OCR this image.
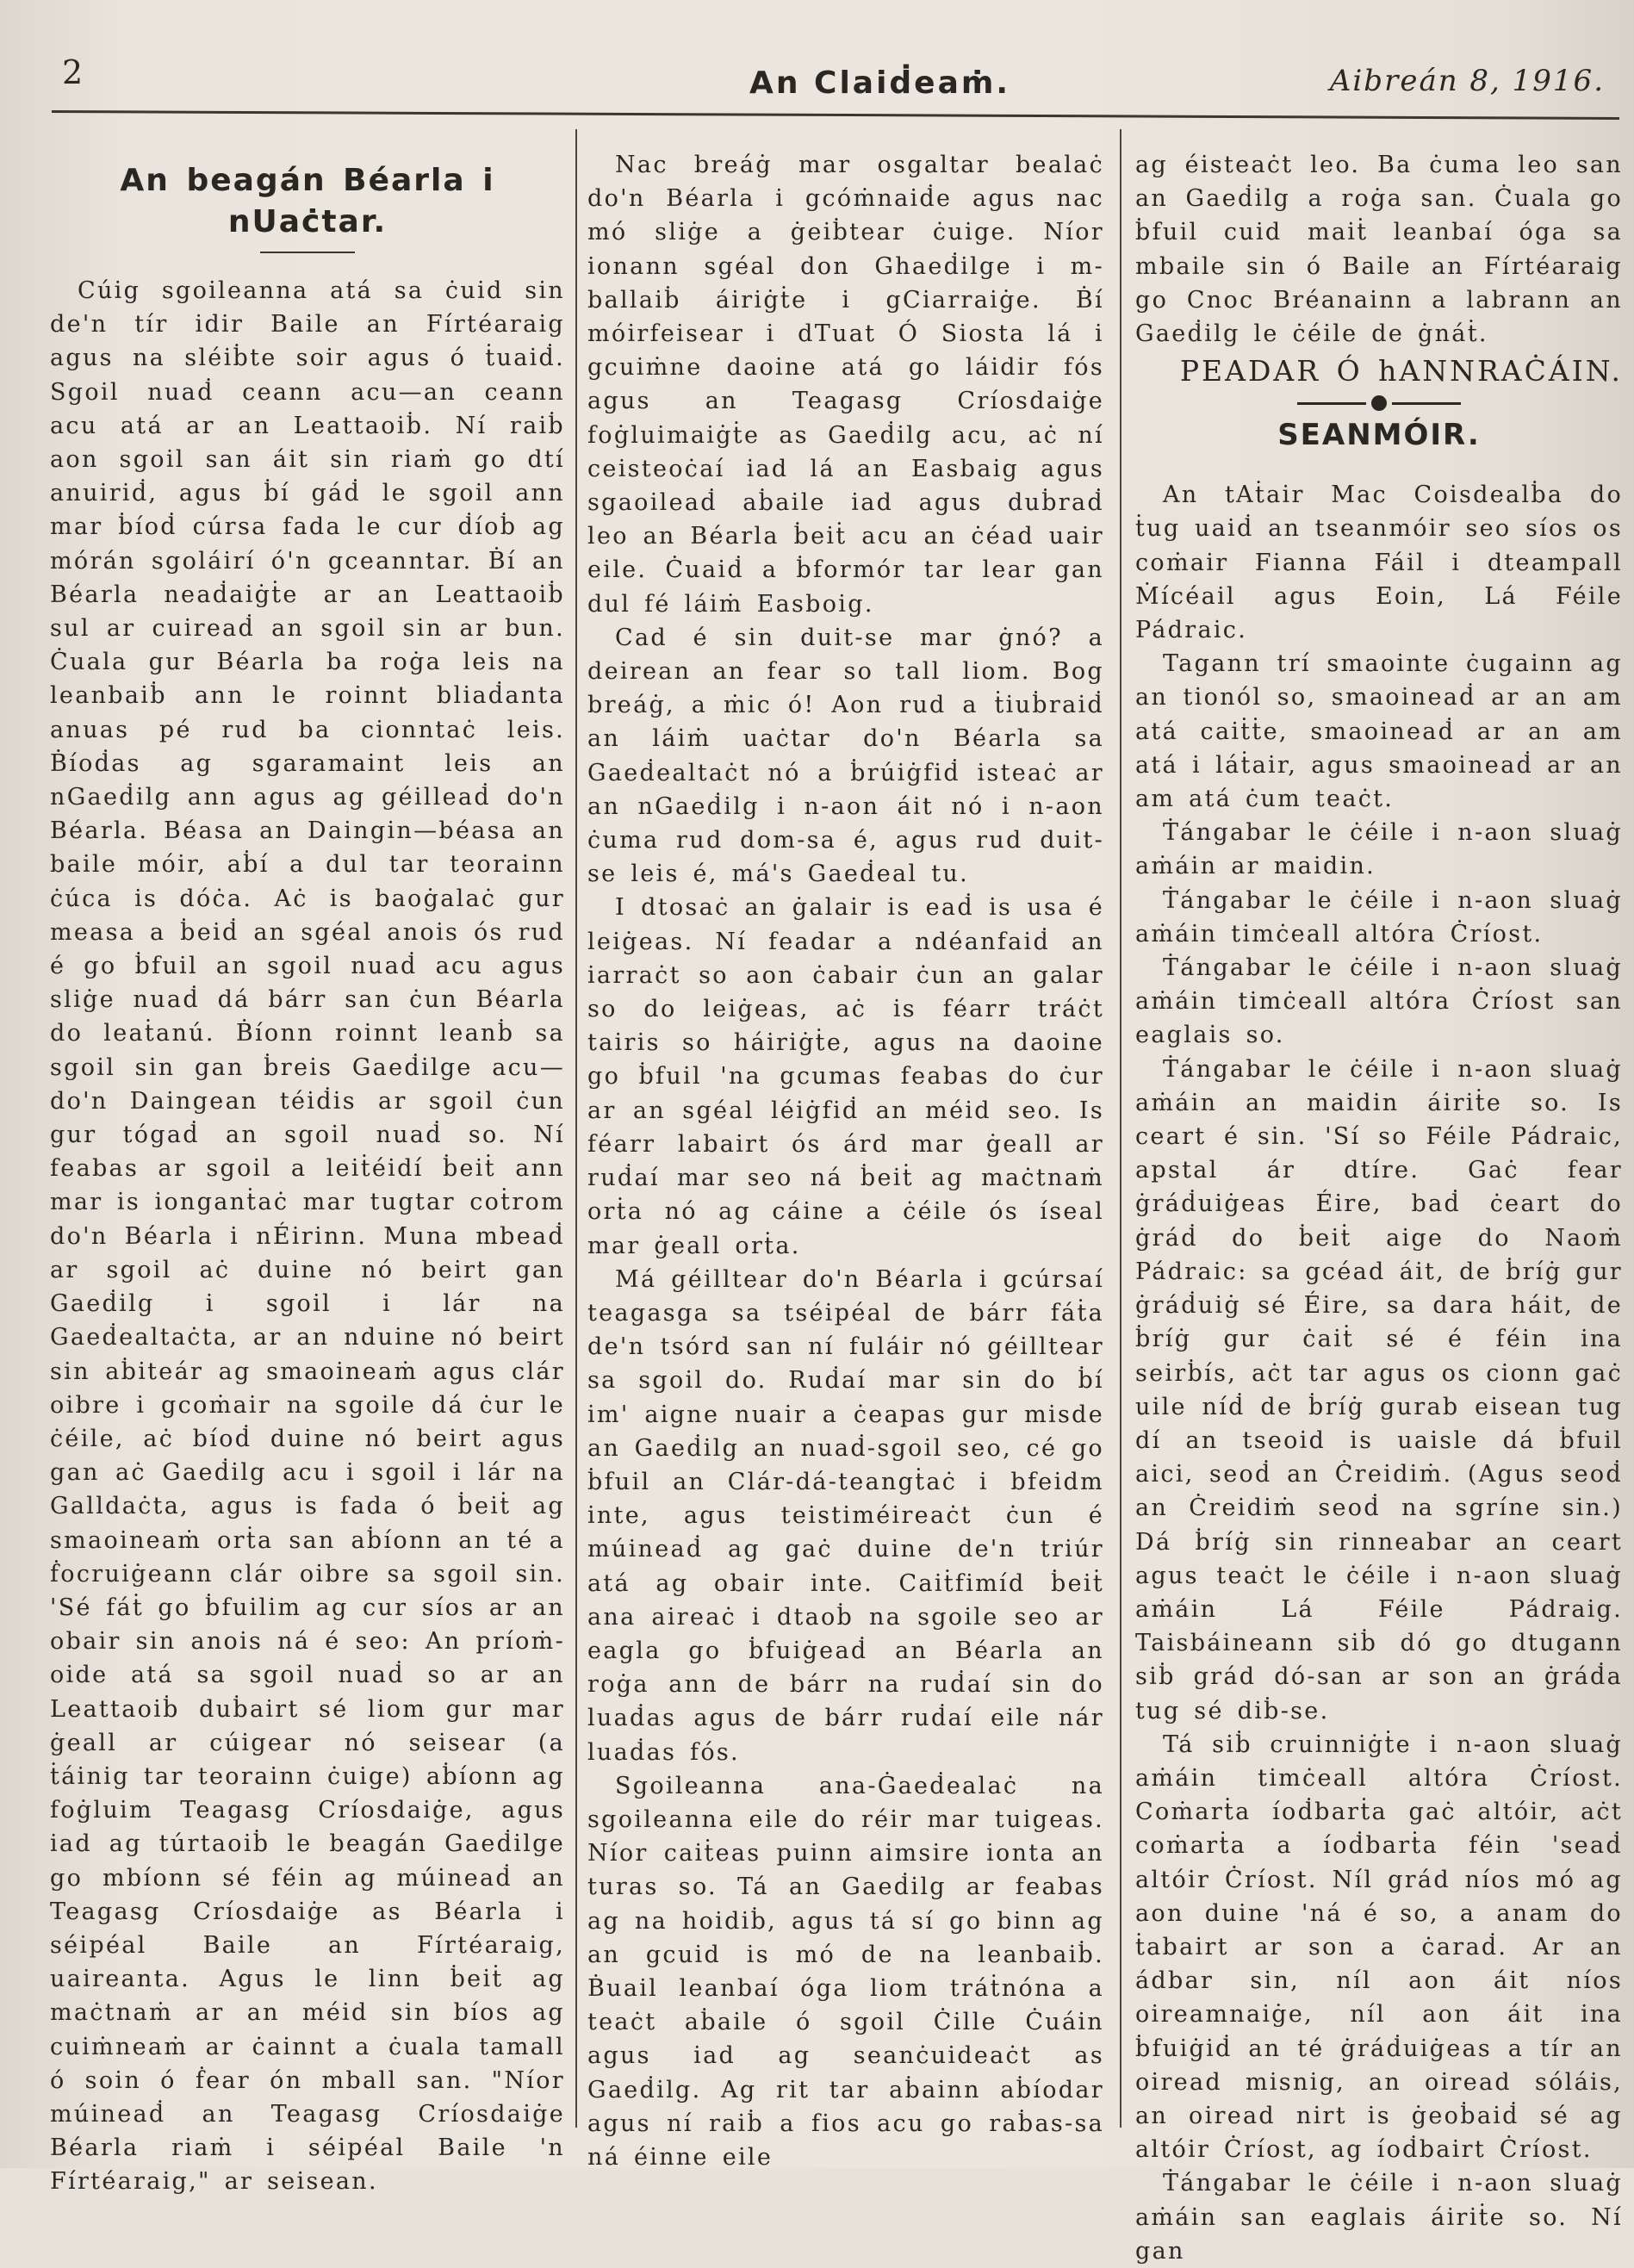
2	An Claiḋeaṁ.	Aibreán 8, 1916.
An beagán Béarla i nUaċtar.

Cúig sgoileanna atá sa ċuid sin de'n tír idir Baile an Fírtéaraig agus na sléiḃte soir agus ó ṫuaiḋ. Sgoil nuaḋ ceann acu—an ceann acu atá ar an Leattaoiḃ. Ní raiḃ aon sgoil san áit sin riaṁ go dtí anuiriḋ, agus ḃí gáḋ le sgoil ann mar ḃíoḋ cúrsa fada le cur ḋíoḃ ag mórán sgoláirí ó'n gceanntar. Ḃí an Béarla neaḋaiġṫe ar an Leattaoiḃ sul ar cuireaḋ an sgoil sin ar bun. Ċuala gur Béarla ba roġa leis na leanbaiḃ ann le roinnt bliaḋanta anuas pé rud ba cionntaċ leis. Ḃíoḋas ag sgaramaint leis an nGaeḋilg ann agus ag géilleaḋ do'n Béarla. Béasa an Daingin—béasa an baile móir, aḃí a dul tar teorainn ċúca is dóċa. Aċ is baoġalaċ gur measa a ḃeiḋ an sgéal anois ós rud é go ḃfuil an sgoil nuaḋ acu agus sliġe nuaḋ dá bárr san ċun Béarla do leaṫanú. Ḃíonn roinnt leanḃ sa sgoil sin gan ḃreis Gaeḋilge acu—do'n Daingean téiḋis ar sgoil ċun gur tógaḋ an sgoil nuaḋ so. Ní feabas ar sgoil a leiṫéidí ḃeiṫ ann mar is ionganṫaċ mar tugtar coṫrom do'n Béarla i nÉirinn. Muna mbeaḋ ar sgoil aċ duine nó beirt gan Gaeḋilg i sgoil i lár na Gaeḋealtaċta, ar an nduine nó beirt sin aḃiteár ag smaoineaṁ agus clár oibre i gcoṁair na sgoile dá ċur le ċéile, aċ bíoḋ duine nó beirt agus gan aċ Gaeḋilg acu i sgoil i lár na Galldaċta, agus is fada ó ḃeiṫ ag smaoineaṁ orṫa san aḃíonn an té a ḟocruiġeann clár oibre sa sgoil sin. 'Sé fáṫ go ḃfuilim ag cur síos ar an obair sin anois ná é seo: An príoṁ-oide atá sa sgoil nuaḋ so ar an Leattaoiḃ duḃairt sé liom gur mar ġeall ar cúigear nó seisear (a ṫáinig tar teorainn ċuige) aḃíonn ag foġluim Teagasg Críosdaiġe, agus iad ag túrtaoiḃ le beagán Gaeḋilge go mbíonn sé féin ag múineaḋ an Teagasg Críosdaiġe as Béarla i séipéal Baile an Fírtéaraig, uaireanta. Agus le linn ḃeiṫ ag maċtnaṁ ar an méid sin bíos ag cuiṁneaṁ ar ċainnt a ċuala tamall ó soin ó ḟear ón mball san. "Níor múineaḋ an Teagasg Críosdaiġe Béarla riaṁ i séipéal Baile 'n Fírtéaraig," ar seisean.

Nac breáġ mar osgaltar bealaċ do'n Béarla i gcóṁnaiḋe agus nac mó sliġe a ġeiḃtear ċuige. Níor ionann sgéal don Ghaeḋilge i m-ballaiḃ áiriġṫe i gCiarraiġe. Ḃí móirfeisear i dTuat Ó Siosta lá i gcuiṁne daoine atá go láidir fós agus an Teagasg Críosdaiġe foġluimaiġṫe as Gaeḋilg acu, aċ ní ceisteoċaí iad lá an Easbaig agus sgaoileaḋ aḃaile iad agus duḃraḋ leo an Béarla ḃeiṫ acu an ċéad uair eile. Ċuaiḋ a ḃformór tar lear gan dul fé láiṁ Easboig.

Cad é sin duit-se mar ġnó? a deirean an fear so tall liom. Bog breáġ, a ṁic ó! Aon rud a ṫiuḃraiḋ an láiṁ uaċtar do'n Béarla sa Gaeḋealtaċt nó a ḃrúiġfiḋ isteaċ ar an nGaeḋilg i n-aon áit nó i n-aon ċuma rud dom-sa é, agus rud duit-se leis é, má's Gaeḋeal tu.

I dtosaċ an ġalair is eaḋ is usa é leiġeas. Ní feadar a ndéanfaiḋ an iarraċt so aon ċabair ċun an galar so do leiġeas, aċ is féarr tráċt tairis so háiriġṫe, agus na daoine go ḃfuil 'na gcumas feabas do ċur ar an sgéal léiġfiḋ an méid seo. Is féarr labairt ós árd mar ġeall ar ruḋaí mar seo ná ḃeiṫ ag maċtnaṁ orṫa nó ag cáine a ċéile ós íseal mar ġeall orṫa.

Má géilltear do'n Béarla i gcúrsaí teagasga sa tséipéal de bárr fáṫa de'n tsórd san ní fuláir nó géilltear sa sgoil do. Ruḋaí mar sin do ḃí im' aigne nuair a ċeapas gur misde an Gaeḋilg an nuaḋ-sgoil seo, cé go ḃfuil an Clár-dá-teangṫaċ i bfeidm inte, agus teistiméireaċt ċun é múineaḋ ag gaċ duine de'n triúr atá ag obair inte. Caiṫfimíd ḃeiṫ ana aireaċ i dtaoḃ na sgoile seo ar eagla go ḃfuiġeaḋ an Béarla an roġa ann de bárr na ruḋaí sin do luaḋas agus de bárr ruḋaí eile nár luaḋas fós.

Sgoileanna ana-Ġaeḋealaċ na sgoileanna eile do réir mar tuigeas. Níor caiṫeas puinn aimsire ionta an turas so. Tá an Gaeḋilg ar feabas ag na hoidiḃ, agus tá sí go binn ag an gcuid is mó de na leanbaiḃ. Ḃuail leanbaí óga liom tráṫnóna a teaċt aḃaile ó sgoil Ċille Ċuáin agus iad ag seanċuideaċt as Gaeḋilg. Ag rit tar aḃainn aḃíodar agus ní raiḃ a fios acu go raḃas-sa ná éinne eile

ag éisteaċt leo. Ba ċuma leo san an Gaeḋilg a roġa san. Ċuala go ḃfuil cuid maiṫ leanbaí óga sa mbaile sin ó Baile an Fírtéaraig go Cnoc Bréanainn a labrann an Gaeḋilg le ċéile de ġnáṫ.

PEADAR Ó hANNRAĊÁIN.
SEANMÓIR.

An tAṫair Mac Coisdealḃa do ṫug uaiḋ an tseanmóir seo síos os coṁair Fianna Fáil i dteampall Ṁícéail agus Eoin, Lá Féile Pádraic.

Tagann trí smaointe ċugainn ag an tionól so, smaoineaḋ ar an am atá caiṫṫe, smaoineaḋ ar an am atá i láṫair, agus smaoineaḋ ar an am atá ċum teaċt.

Ṫángabar le ċéile i n-aon sluaġ aṁáin ar maidin.

Ṫángabar le ċéile i n-aon sluaġ aṁáin timċeall altóra Ċríost.

Ṫángabar le ċéile i n-aon sluaġ aṁáin timċeall altóra Ċríost san eaglais so.

Ṫángabar le ċéile i n-aon sluaġ aṁáin an maidin áiriṫe so. Is ceart é sin. 'Sí so Féile Pádraic, apstal ár dtíre. Gaċ fear ġráḋuiġeas Éire, baḋ ċeart do ġráḋ do ḃeiṫ aige do Naoṁ Pádraic: sa gcéad áit, de ḃríġ gur ġráḋuiġ sé Éire, sa dara háit, de ḃríġ gur ċaiṫ sé é féin ina seirḃís, aċt tar agus os cionn gaċ uile níḋ de ḃríġ gurab eisean tug dí an tseoid is uaisle dá ḃfuil aici, seoḋ an Ċreidiṁ. (Agus seoḋ an Ċreidiṁ seoḋ na sgríne sin.) Dá ḃríġ sin rinneabar an ceart agus teaċt le ċéile i n-aon sluaġ aṁáin Lá Féile Pádraig. Taisbáineann siḃ dó go dtugann siḃ grád dó-san ar son an ġráḋa tug sé diḃ-se.

Tá siḃ cruinniġṫe i n-aon sluaġ aṁáin timċeall altóra Ċríost. Coṁarṫa íoḋbarṫa gaċ altóir, aċt coṁarṫa a íoḋbarṫa féin 'seaḋ altóir Ċríost. Níl grád níos mó ag aon duine 'ná é so, a anam do ṫabairt ar son a ċaraḋ. Ar an ádbar sin, níl aon áit níos oireamnaiġe, níl aon áit ina ḃfuiġiḋ an té ġráḋuiġeas a tír an oiread misnig, an oiread sóláis, an oiread nirt is ġeoḃaiḋ sé ag altóir Ċríost, ag íoḋbairt Ċríost.

Ṫángabar le ċéile i n-aon sluaġ aṁáin san eaglais áiriṫe so. Ní gan
